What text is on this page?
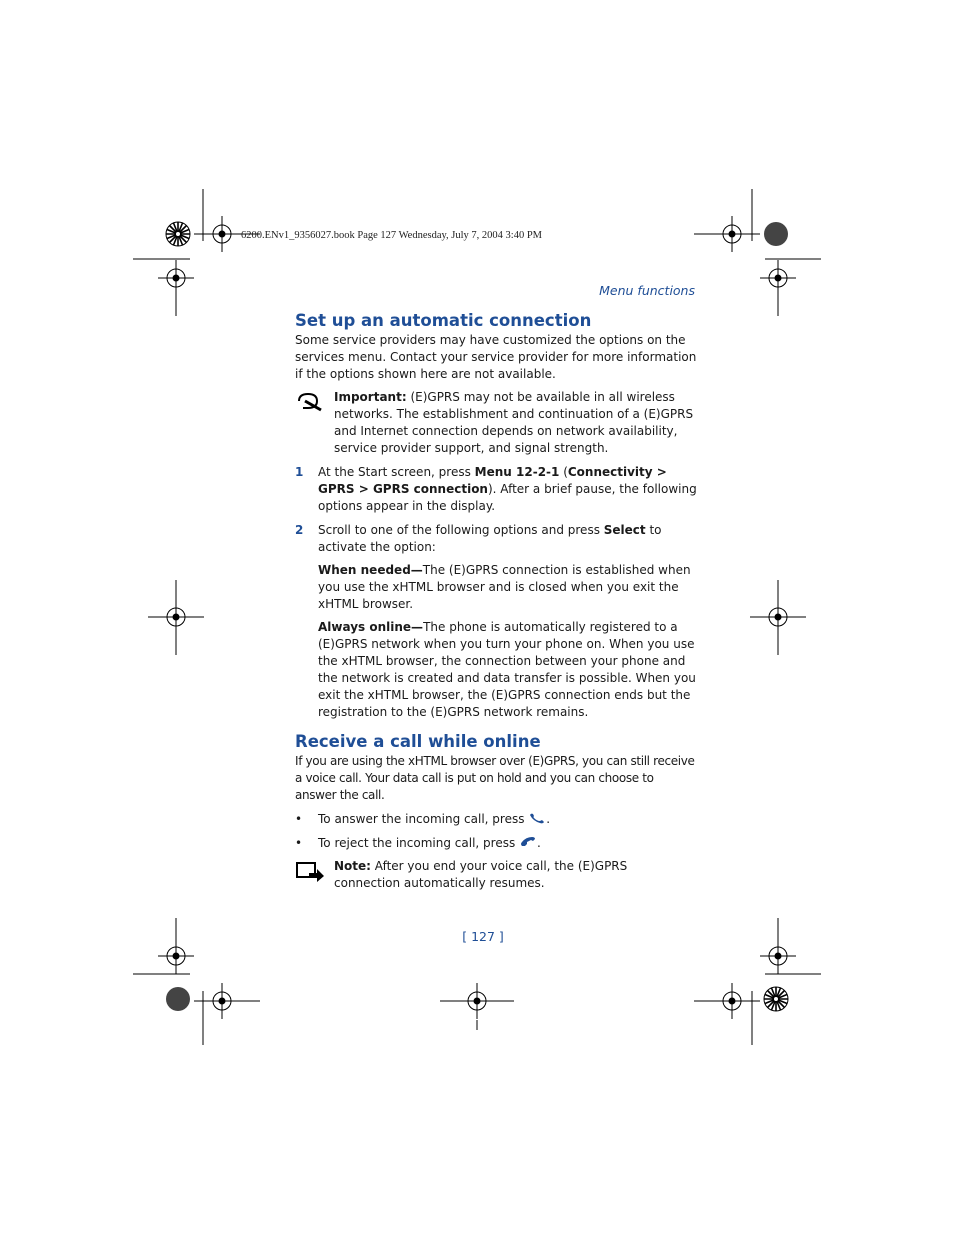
6200.ENv1_9356027.book Page 127 Wednesday, July 7, 2004 3:40 PM
Menu functions
Set up an automatic connection

Some service providers may have customized the options on the services menu. Contact your service provider for more information if the options shown here are not available.

Important: (E)GPRS may not be available in all wireless networks. The establishment and continuation of a (E)GPRS and Internet connection depends on network availability, service provider support, and signal strength.

1 At the Start screen, press Menu 12-2-1 (Connectivity > GPRS > GPRS connection). After a brief pause, the following options appear in the display.

2 Scroll to one of the following options and press Select to activate the option:

When needed—The (E)GPRS connection is established when you use the xHTML browser and is closed when you exit the xHTML browser.

Always online—The phone is automatically registered to a (E)GPRS network when you turn your phone on. When you use the xHTML browser, the connection between your phone and the network is created and data transfer is possible. When you exit the xHTML browser, the (E)GPRS connection ends but the registration to the (E)GPRS network remains.

Receive a call while online

If you are using the xHTML browser over (E)GPRS, you can still receive a voice call. Your data call is put on hold and you can choose to answer the call.

• To answer the incoming call, press .

• To reject the incoming call, press .

Note: After you end your voice call, the (E)GPRS connection automatically resumes.

[ 127 ]
